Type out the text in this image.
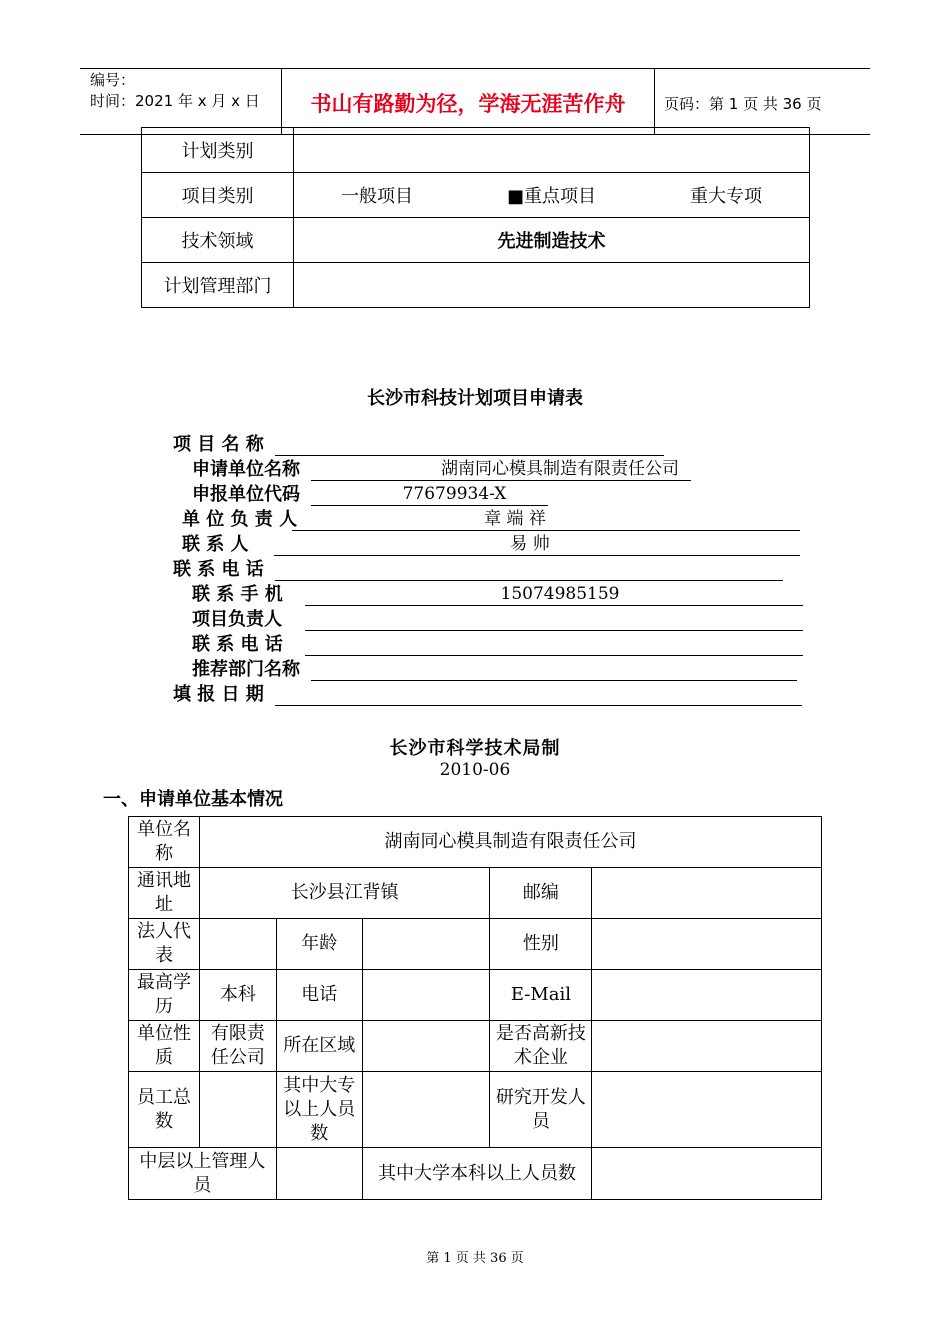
编号：
时间：2021 年 x 月 x 日	书山有路勤为径，学海无涯苦作舟	页码：第 1 页 共 36 页
计划类别	
项目类别	一般项目 ■重点项目 重大专项

技术领域	先进制造技术
计划管理部门	
长沙市科技计划项目申请表
项 目 名 称
申请单位名称	湖南同心模具制造有限责任公司
申报单位代码	77679934-X
单 位 负 责 人	章 端 祥
联 系 人	易 帅
联 系 电 话
联 系 手 机	15074985159
项目负责人
联 系 电 话
推荐部门名称
填 报 日 期
长沙市科学技术局制
2010-06
一、申请单位基本情况
单位名称	湖南同心模具制造有限责任公司				
通讯地址	长沙县江背镇			邮编	
法人代表		年龄		性别	
最高学历	本科	电话		E-Mail	
单位性质	有限责任公司	所在区域		是否高新技术企业	
员工总数		其中大专以上人员数		研究开发人员	
中层以上管理人员			其中大学本科以上人员数		
第 1 页 共 36 页
